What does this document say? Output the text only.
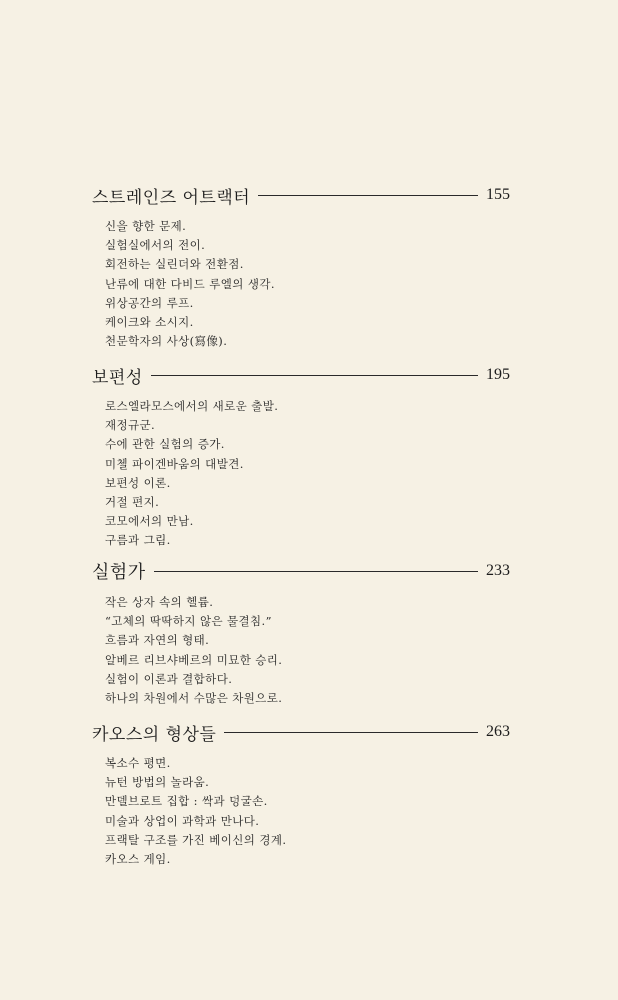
스트레인즈 어트랙터	155
신을 향한 문제.
실험실에서의 전이.
회전하는 실린더와 전환점.
난류에 대한 다비드 루엘의 생각.
위상공간의 루프.
케이크와 소시지.
천문학자의 사상(寫像).
보편성	195
로스엘라모스에서의 새로운 출발.
재정규군.
수에 관한 실험의 증가.
미첼 파이겐바움의 대발견.
보편성 이론.
거절 편지.
코모에서의 만남.
구름과 그림.
실험가	233
작은 상자 속의 헬륨.
“고체의 딱딱하지 않은 물결침.”
흐름과 자연의 형태.
알베르 리브샤베르의 미묘한 승리.
실험이 이론과 결합하다.
하나의 차원에서 수많은 차원으로.
카오스의 형상들	263
복소수 평면.
뉴턴 방법의 놀라움.
만델브로트 집합 : 싹과 덩굴손.
미술과 상업이 과학과 만나다.
프랙탈 구조를 가진 베이신의 경계.
카오스 게임.
